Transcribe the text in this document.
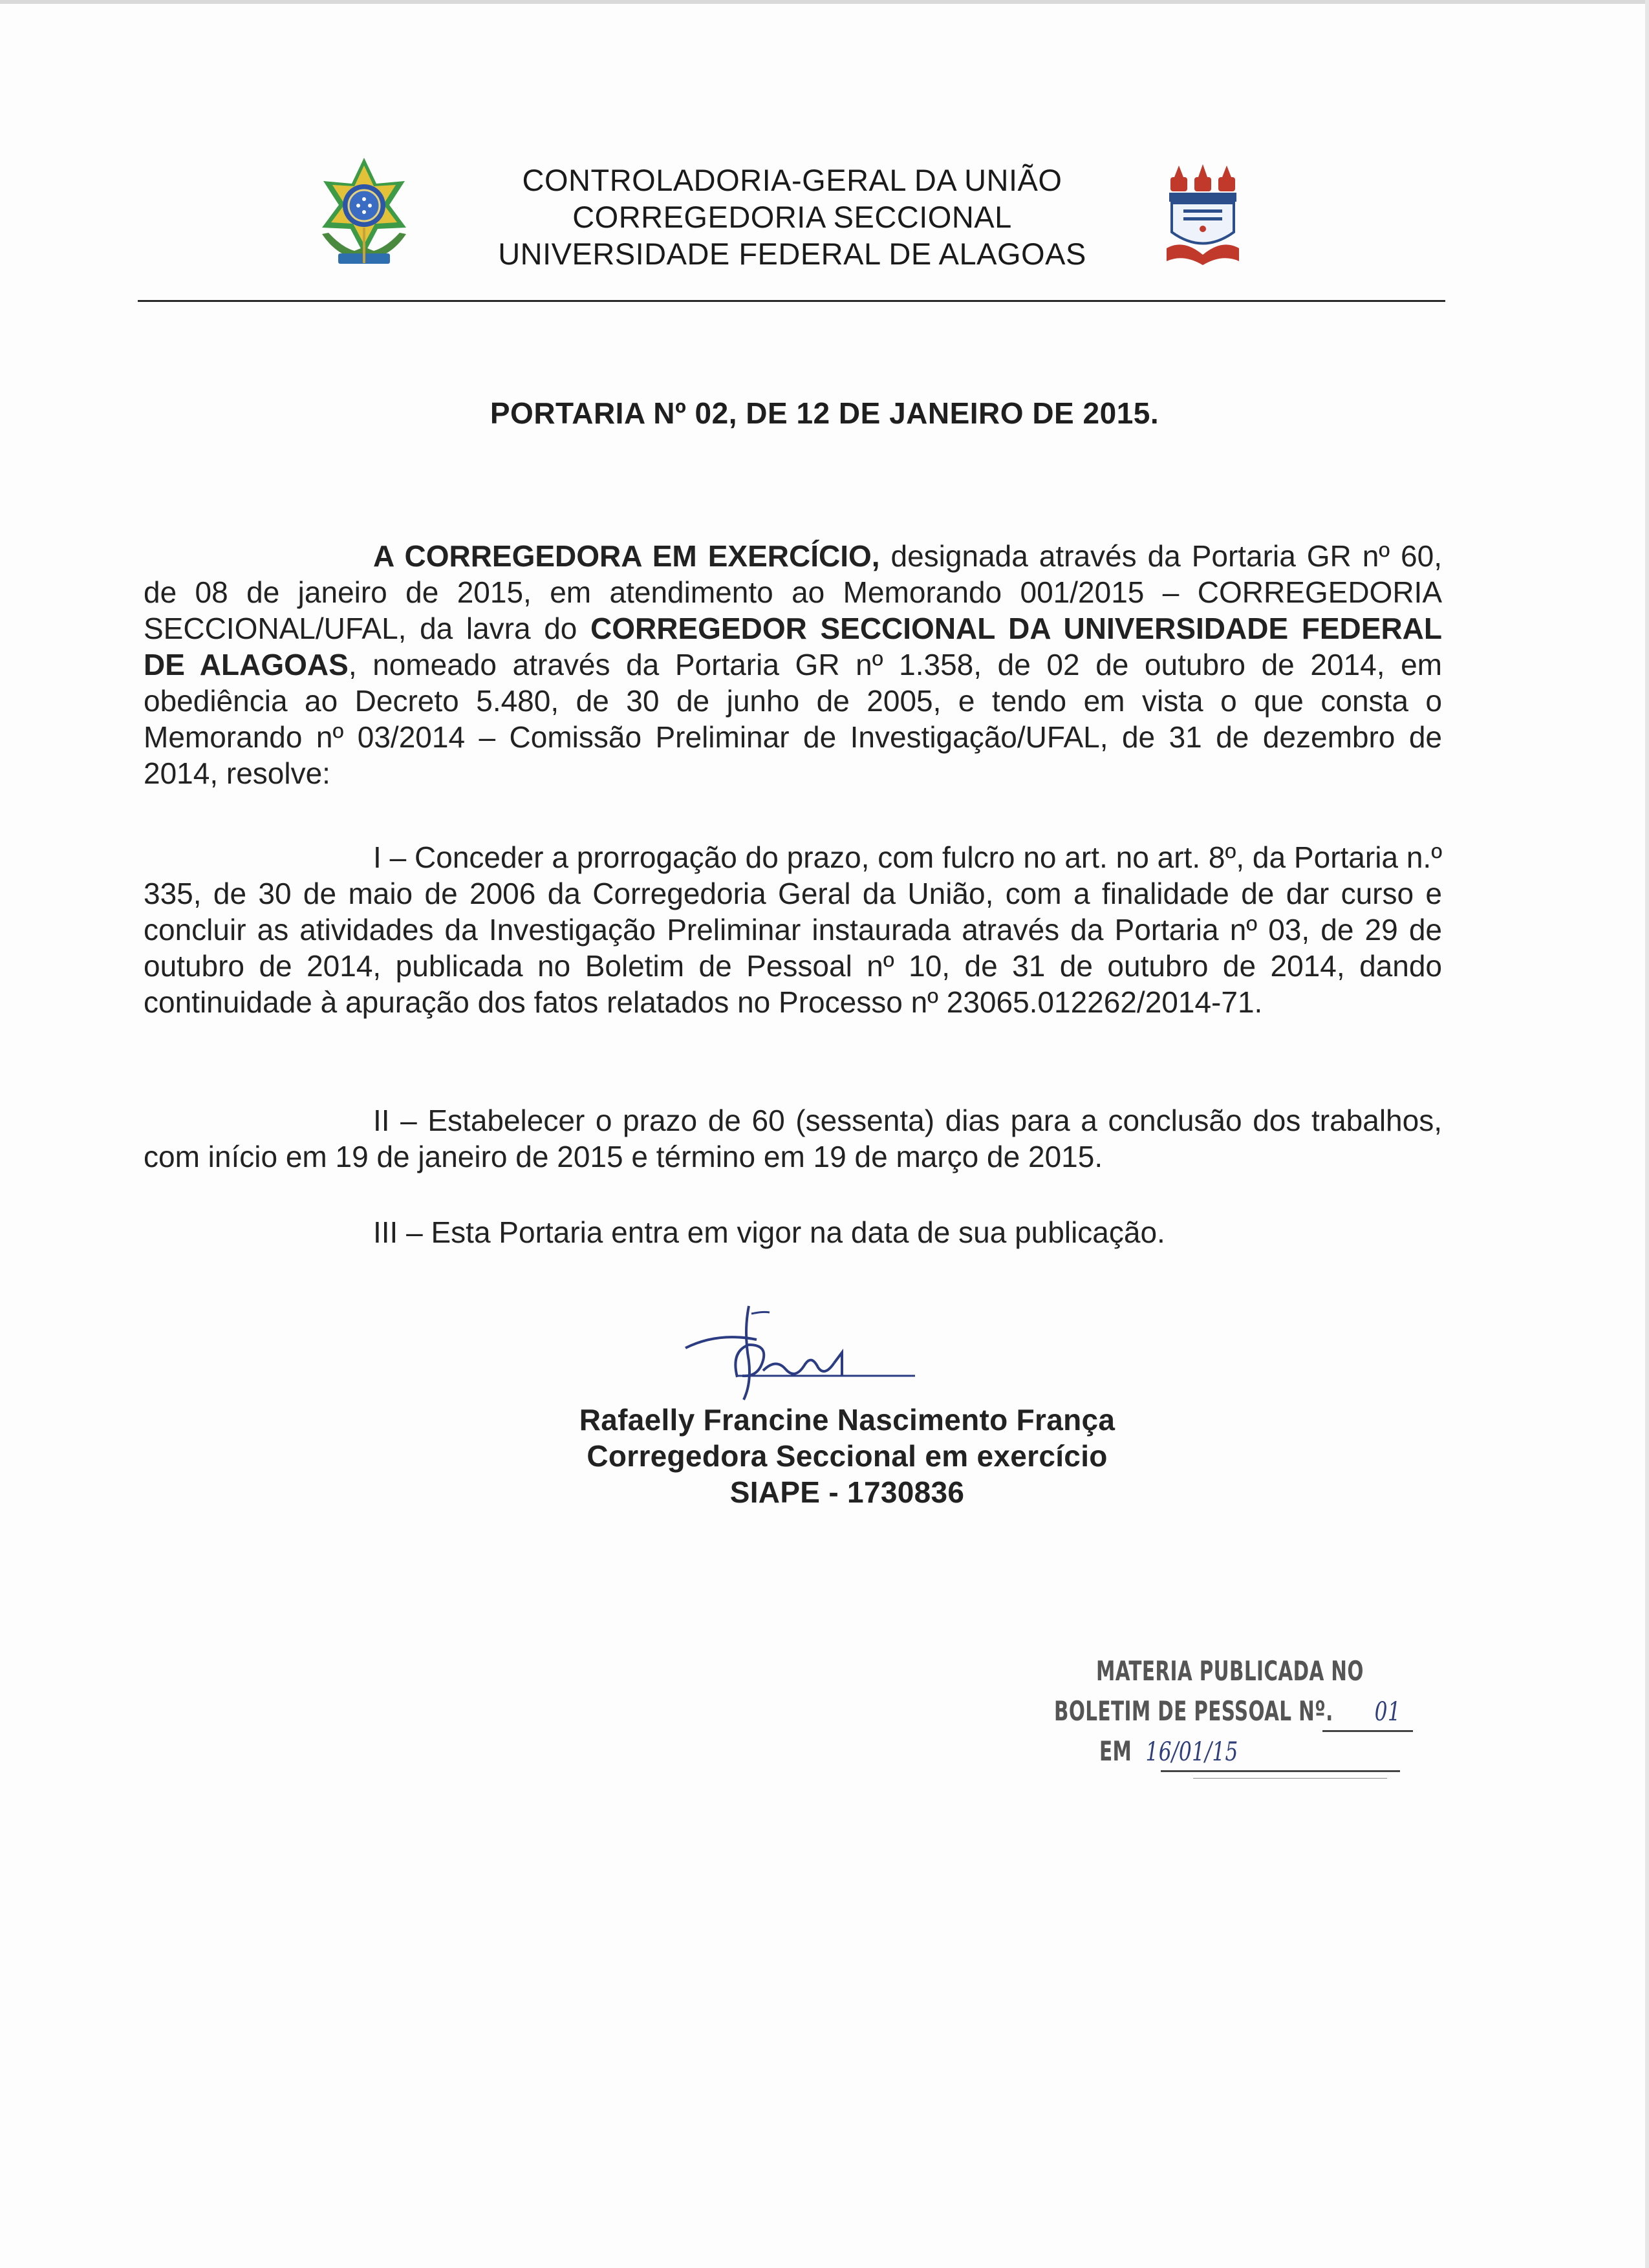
CONTROLADORIA-GERAL DA UNIÃO
CORREGEDORIA SECCIONAL
UNIVERSIDADE FEDERAL DE ALAGOAS
PORTARIA Nº 02, DE 12 DE JANEIRO DE 2015.

A CORREGEDORA EM EXERCÍCIO, designada através da Portaria GR nº 60, de 08 de janeiro de 2015, em atendimento ao Memorando 001/2015 – CORREGEDORIA SECCIONAL/UFAL, da lavra do CORREGEDOR SECCIONAL DA UNIVERSIDADE FEDERAL DE ALAGOAS, nomeado através da Portaria GR nº 1.358, de 02 de outubro de 2014, em obediência ao Decreto 5.480, de 30 de junho de 2005, e tendo em vista o que consta o Memorando nº 03/2014 – Comissão Preliminar de Investigação/UFAL, de 31 de dezembro de 2014, resolve:

I – Conceder a prorrogação do prazo, com fulcro no art. no art. 8º, da Portaria n.º 335, de 30 de maio de 2006 da Corregedoria Geral da União, com a finalidade de dar curso e concluir as atividades da Investigação Preliminar instaurada através da Portaria nº 03, de 29 de outubro de 2014, publicada no Boletim de Pessoal nº 10, de 31 de outubro de 2014, dando continuidade à apuração dos fatos relatados no Processo nº 23065.012262/2014-71.

II – Estabelecer o prazo de 60 (sessenta) dias para a conclusão dos trabalhos, com início em 19 de janeiro de 2015 e término em 19 de março de 2015.

III – Esta Portaria entra em vigor na data de sua publicação.

Rafaelly Francine Nascimento França
Corregedora Seccional em exercício
SIAPE - 1730836
MATERIA PUBLICADA NO
BOLETIM DE PESSOAL Nº. 01
EM 16/01/15
